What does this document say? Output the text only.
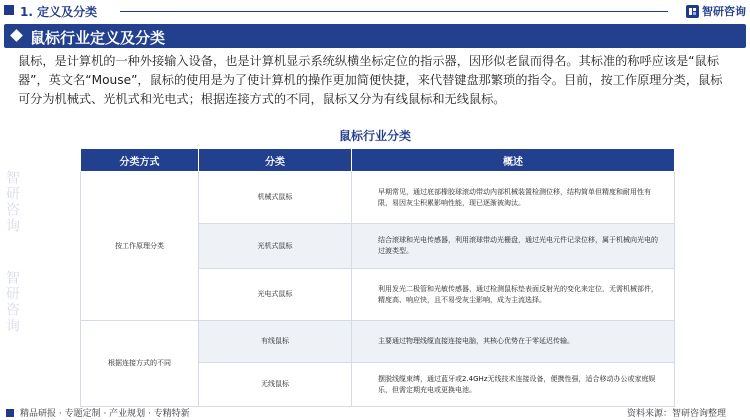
智研咨询
智研咨询
1. 定义及分类	智研咨询
鼠标行业定义及分类
鼠标，是计算机的一种外接输入设备，也是计算机显示系统纵横坐标定位的指示器，因形似老鼠而得名。其标准的称呼应该是“鼠标器”，英文名“Mouse”，鼠标的使用是为了使计算机的操作更加简便快捷，来代替键盘那繁琐的指令。目前，按工作原理分类，鼠标可分为机械式、光机式和光电式；根据连接方式的不同，鼠标又分为有线鼠标和无线鼠标。
鼠标行业分类
分类方式	分类	概述
按工作原理分类	机械式鼠标	早期常见，通过底部橡胶球滚动带动内部机械装置检测位移，结构简单但精度和耐用性有限，易因灰尘积累影响性能，现已逐渐被淘汰。
	光机式鼠标	结合滚球和光电传感器，利用滚球带动光栅盘，通过光电元件记录位移，属于机械向光电的过渡类型。
	光电式鼠标	利用发光二极管和光敏传感器，通过检测鼠标垫表面反射光的变化来定位，无需机械部件，精度高、响应快，且不易受灰尘影响，成为主流选择。
根据连接方式的不同	有线鼠标	主要通过物理线缆直接连接电脑，其核心优势在于零延迟传输。
	无线鼠标	摆脱线缆束缚，通过蓝牙或2.4GHz无线技术连接设备，便携性强，适合移动办公或家庭娱乐，但需定期充电或更换电池。
精品研报 · 专题定制 · 产业规划 · 专精特新	资料来源：智研咨询整理
